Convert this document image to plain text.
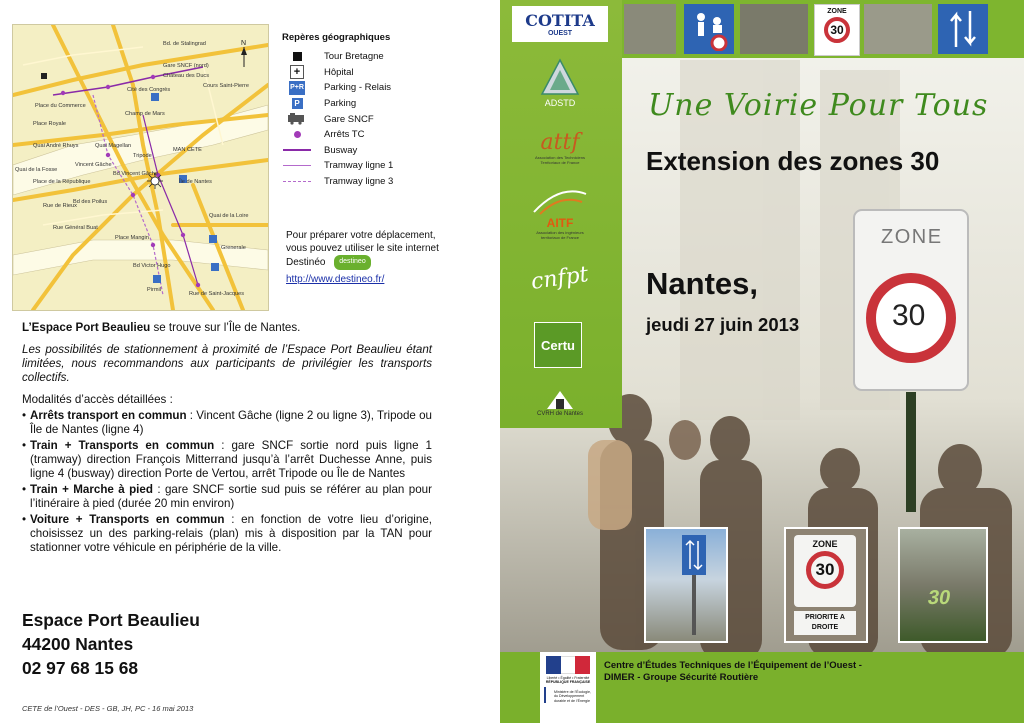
N
Bd. de Stalingrad
Gare SNCF (nord)
Cité des Congrès
Château des Ducs
Cours Saint-Pierre
Place du Commerce
Place Royale
Champ de Mars
Quai André Rhuys
Quai de la Fosse
Quai Magellan
Tripode
MAN CETE
Place de la République
Vincent Gâche
Bd Vincent Gâche
Île de Nantes
Place Mangin
Grenerale
Pirmil
Bd des Poilus
Bd Victor Hugo
Rue de Saint-Jacques
Quai de la Loire
Rue Général Buat
Rue de Rieux
Repères géographiques
Tour Bretagne
+	Hôpital
P+R	Parking - Relais
P	Parking
Gare SNCF
Arrêts TC
Busway
Tramway ligne 1
Tramway ligne 3
Pour préparer votre déplacement, vous pouvez utiliser le site internet Destinéo destineo
http://www.destineo.fr/

L’Espace Port Beaulieu se trouve sur l’Île de Nantes.

Les possibilités de stationnement à proximité de l’Espace Port Beaulieu étant limitées, nous recommandons aux participants de privilégier les transports collectifs.

Modalités d’accès détaillées :
• Arrêts transport en commun : Vincent Gâche (ligne 2 ou ligne 3), Tripode ou Île de Nantes (ligne 4)
• Train + Transports en commun : gare SNCF sortie nord puis ligne 1 (tramway) direction François Mitterrand jusqu’à l’arrêt Duchesse Anne, puis ligne 4 (busway) direction Porte de Vertou, arrêt Tripode ou Île de Nantes
• Train + Marche à pied : gare SNCF sortie sud puis se référer au plan pour l’itinéraire à pied (durée 20 min environ)
• Voiture + Transports en commun : en fonction de votre lieu d’origine, choisissez un des parking-relais (plan) mis à disposition par la TAN pour stationner votre véhicule en périphérie de la ville.
Espace Port Beaulieu
44200 Nantes
02 97 68 15 68
CETE de l’Ouest - DES - GB, JH, PC - 16 mai 2013
ZONE
30
COTITA
OUEST
ADSTD
attf
Association des Techniciens Territoriaux de France
AITF
Association des ingénieurs territoriaux de France
cnfpt
Certu
CVRH de Nantes
ZONE
30
Une Voirie Pour Tous
Extension des zones 30
Nantes,
jeudi 27 juin 2013
ZONE
30
PRIORITE A DROITE
30
Liberté • Égalité • Fraternité
RÉPUBLIQUE FRANÇAISE
Ministère de l’Écologie, du Développement durable et de l’Énergie
Centre d’Études Techniques de l’Équipement de l’Ouest -
DIMER - Groupe Sécurité Routière
